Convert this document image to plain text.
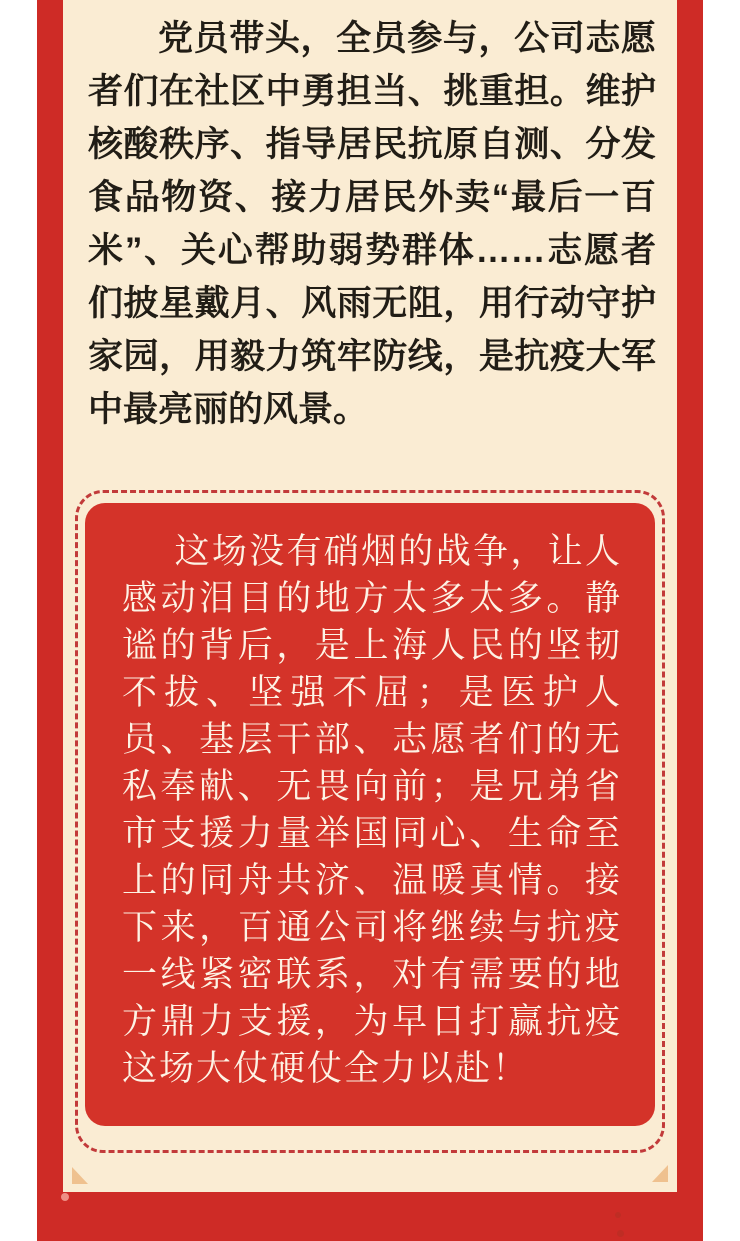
党员带头，全员参与，公司志愿者们在社区中勇担当、挑重担。维护核酸秩序、指导居民抗原自测、分发食品物资、接力居民外卖“最后一百米”、关心帮助弱势群体……志愿者们披星戴月、风雨无阻，用行动守护家园，用毅力筑牢防线，是抗疫大军中最亮丽的风景。

这场没有硝烟的战争，让人感动泪目的地方太多太多。静谧的背后，是上海人民的坚韧不拔、坚强不屈；是医护人员、基层干部、志愿者们的无私奉献、无畏向前；是兄弟省市支援力量举国同心、生命至上的同舟共济、温暖真情。接下来，百通公司将继续与抗疫一线紧密联系，对有需要的地方鼎力支援，为早日打赢抗疫这场大仗硬仗全力以赴！
